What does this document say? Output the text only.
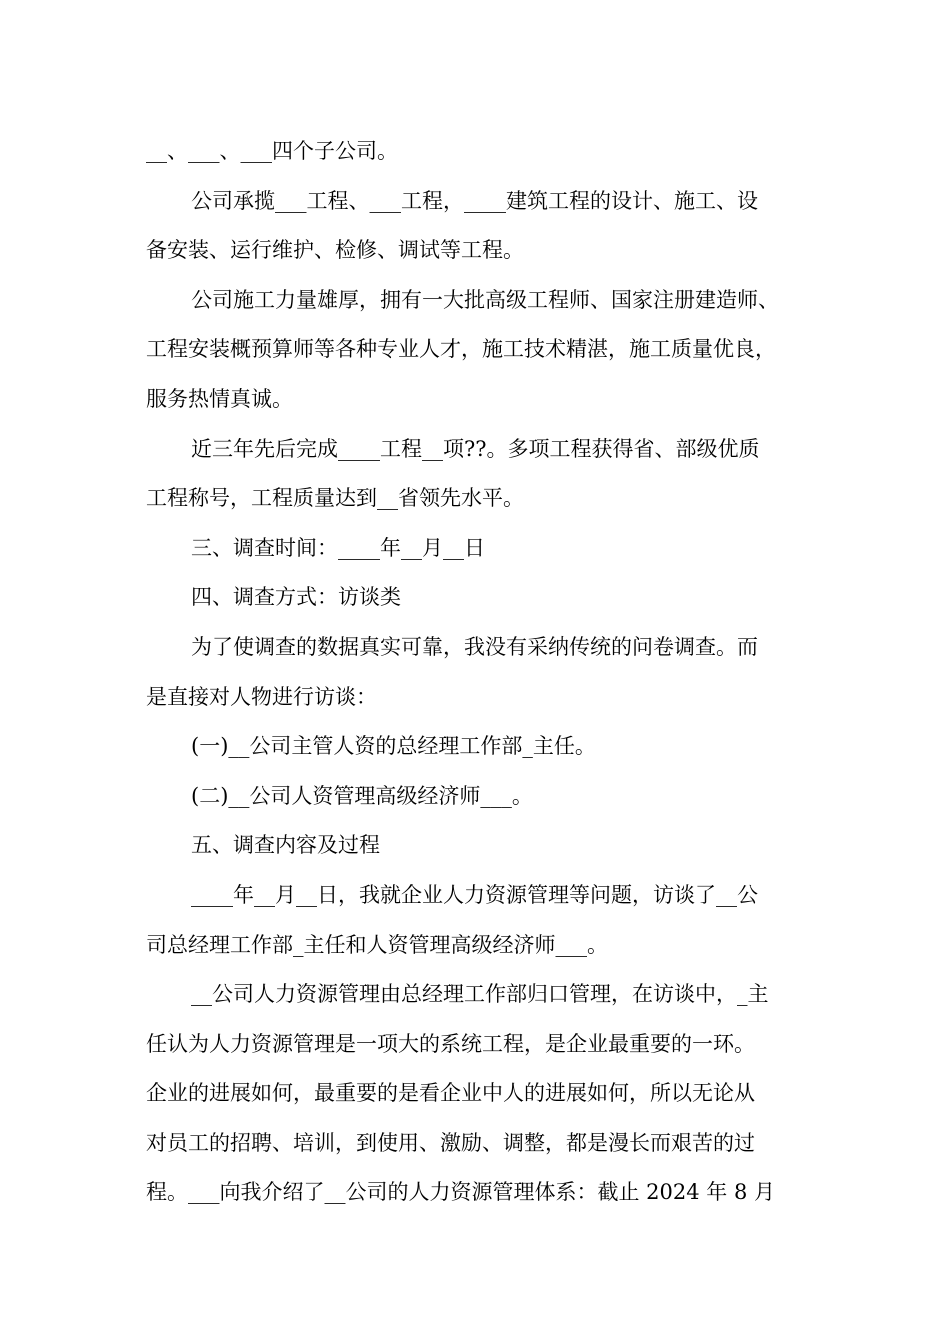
__、___、___四个子公司。
公司承揽___工程、___工程，____建筑工程的设计、施工、设
备安装、运行维护、检修、调试等工程。
公司施工力量雄厚，拥有一大批高级工程师、国家注册建造师、
工程安装概预算师等各种专业人才，施工技术精湛，施工质量优良，
服务热情真诚。
近三年先后完成____工程__项??。多项工程获得省、部级优质
工程称号，工程质量达到__省领先水平。
三、调查时间：____年__月__日
四、调查方式：访谈类
为了使调查的数据真实可靠，我没有采纳传统的问卷调查。而
是直接对人物进行访谈：
(一)__公司主管人资的总经理工作部_主任。
(二)__公司人资管理高级经济师___。
五、调查内容及过程
____年__月__日，我就企业人力资源管理等问题，访谈了__公
司总经理工作部_主任和人资管理高级经济师___。
__公司人力资源管理由总经理工作部归口管理，在访谈中，_主
任认为人力资源管理是一项大的系统工程，是企业最重要的一环。
企业的进展如何，最重要的是看企业中人的进展如何，所以无论从
对员工的招聘、培训，到使用、激励、调整，都是漫长而艰苦的过
程。___向我介绍了__公司的人力资源管理体系：截止 2024 年 8 月
